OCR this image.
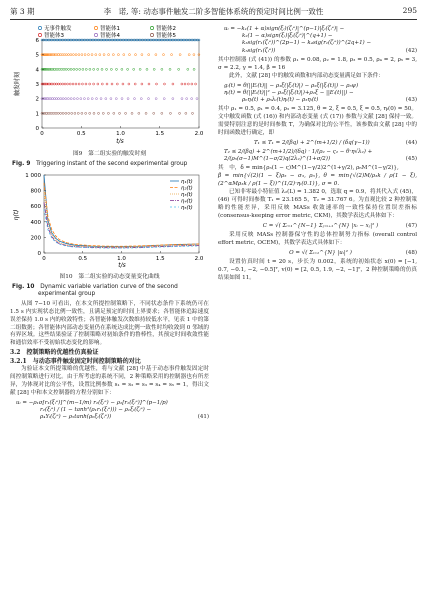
第 3 期	李　诺, 等: 动态事件触发二阶多智能体系统的预定时间比例一致性	295
无事件触发	智能体1	智能体2
智能体3	智能体4	智能体5
0
1
2
3
4
5
6
0	0.5	1.0	1.5	2.0
触发时刻
t/s
图9　第二组实验的触发时刻
Fig. 9　 Triggering instant of the second experimental group
0
200
400
600
800
1 000
0	0.5	1.0	1.5	2.0
η₁(t)
η₂(t)
η₃(t)
η₄(t)
η₅(t)
η(t)
t/s
图10　第二组实验的动态变量变化曲线
Fig. 10　 Dynamic variable variation curve of the second
experimental group

从图 7−10 可看出，在本文所提控制策略下，不同状态条件下系统仍可在 1.5 s 内实现状态比例一致性，且满足预定的时间上界要求；各智能体追踪速度误差保持 1.0 s 内的收敛特性；各智能体触发次数维持较低水平，见表 1 中的第二组数据；各智能体内部动态变量仍在系统达成比例一致性时均收敛到 0 邻域的有界区域。这些结果验证了控制策略对初始条件的鲁棒性，其预定时间收敛性能和通信效率不受初始状态变化的影响。

3.2　控制策略的优越性仿真验证
3.2.1　与动态事件触发固定时间控制策略的对比

为验证本文所提策略的优越性，将与文献 [28] 中基于动态事件触发固定时间控制策略进行对比。由于所考虑的系统不同，2 种策略采用的控制器也有所差异，为体现对比的公平性，设置比例参数 s₁ = s₂ = s₃ = s₄ = s₅ = 1，得出文献 [28] 中和本文控制器的方程分别如下：

uᵢ = −ρ₁σ[r₁(ξᵢᵉ)]^(m−1/m) r₂(ξᵢᵉ) − ρ₂[r₁(ξᵢᵉ)]^(p−1/p)
r₂(ξᵢᵉ) / (1 − tanh²(ρ₁r₁(ξᵢᵉ))) − ρ₁ξᵢ(ζᵢᵉ) −
ρ₄Υᵢ(ζᵢᵉ) − ρ₅tanh(ρ₆ξᵢ(ζᵢᵉ))	(41)
uᵢ = −k₁(1 + α)sign(ξᵢ)(ζᵢᵉ)|^(p−1)|ξᵢ(ζᵢᵉ)| −
k₂(1 − α)sign(ξᵢ)|ξᵢ(ζᵢᵉ)|^(q+1) −
k₃sig(r₁(ζᵢᵉ))^(2p−1) − k₄sig(r₁(ζᵢᵉ))^(2q+1) −
k₅sig(r₁(ζᵢᵉ))	(42)

其中控制器 (式 (41)) 的参数 ρ₁ = 0.08, ρ₂ = 1.8, ρ₃ = 0.5, ρ₄ = 2, ρ₅ = 3, σ = 2.2, γ = 1.4, β = 16

此外，文献 [28] 中的触发函数和内部动态变量满足如下条件：

gᵢ(t) = θ(||Eᵢ(t)|| − ρ₁ξ(|ξᵢ(t)|) − ρ₂ξ(|ξᵢ(t)|) − ρ₃ψ)
ηᵢ(t) = θ(||Eᵢ(t)||² − ρ₁ξ(|ξᵢ(t)|)+ρ₂ξ − ||Eᵢ(t)||) −
ρ₆ηᵢ(t) + ρ₅λᵢ(t)ηᵢ(t) − ρ₃ηᵢ(t)	(43)

其中 ρ₁ = 0.5, ρ₁ = 0.4, ρ₃ = 3.125, θ = 2, ξ = 0.5, ξ = 0.5, ηᵢ(0) = 50。文中触发函数 (式 (16)) 和内部动态变量 (式 (17)) 参数与文献 [28] 保持一致。需要特别注意的是时间参数 T，为确保对比的公平性，该参数由文献 [28] 中的时间函数进行确定，即

T₁ ≤ T₁ = 2/(βq) + 2^(m+1/2) / (δq(γ−1))	(44)
T₂ ≤ 2/(βq) + 2^(m+1/2)/(δq) · 1/(ρ₂ − ς₂ − θ·η√λ₂) + 2/(ρ₅(σ−1)M^(1−σ/2)q(2λ₂)^(1+σ/2))	(45)

其　中，δ = min{ρ₃(1 − ς)M^(1−γ/2)2^(1+γ/2), ρ₆M^(1−γ/2)},

β̂ = min{√(2)(1 − ξ)ρ₃ − σ₃, ρ₃}, θ = min{√(2)M/ρ₃k / ρ(1 − ξ), (2^αMρ₃k / ρ(1 − ξ))^(1/2)·ηᵢ(0.1)}, σ = 0.

已知非零最小特征值 λ₂(L) = 1.382 0，选取 q = 0.9，将其代入式 (45)，(46) 可得时间参数 T₁ = 23.165 5，T₂ = 31.767 6。为直观比较 2 种控制策略的性能差异，采用反映 MASs 收敛速率的一致性保持位置误差指标 (consensus-keeping error metric, CKM)，其数学表达式具体如下：

C = √( Σᵢ₌₁^{N−1} Σⱼ₌ᵢ₊₁^{N} |xᵢ − xⱼ|² )	(47)

采用反映 MASs 控制器保守性的总体控制努力指标 (overall control effort metric, OCEM)，其数学表达式具体如下：

O = √( Σᵢ₌₁^{N} |uᵢ|² )	(48)

设置仿真时间 t = 20 s，步长为 0.002，系统的初始状态 x(0) = [−1, 0.7, −0.1, −2, −0.5]ᵀ, v(0) = [2, 0.5, 1.9, −2, −1]ᵀ，2 种控制策略的仿真结果如图 11。
